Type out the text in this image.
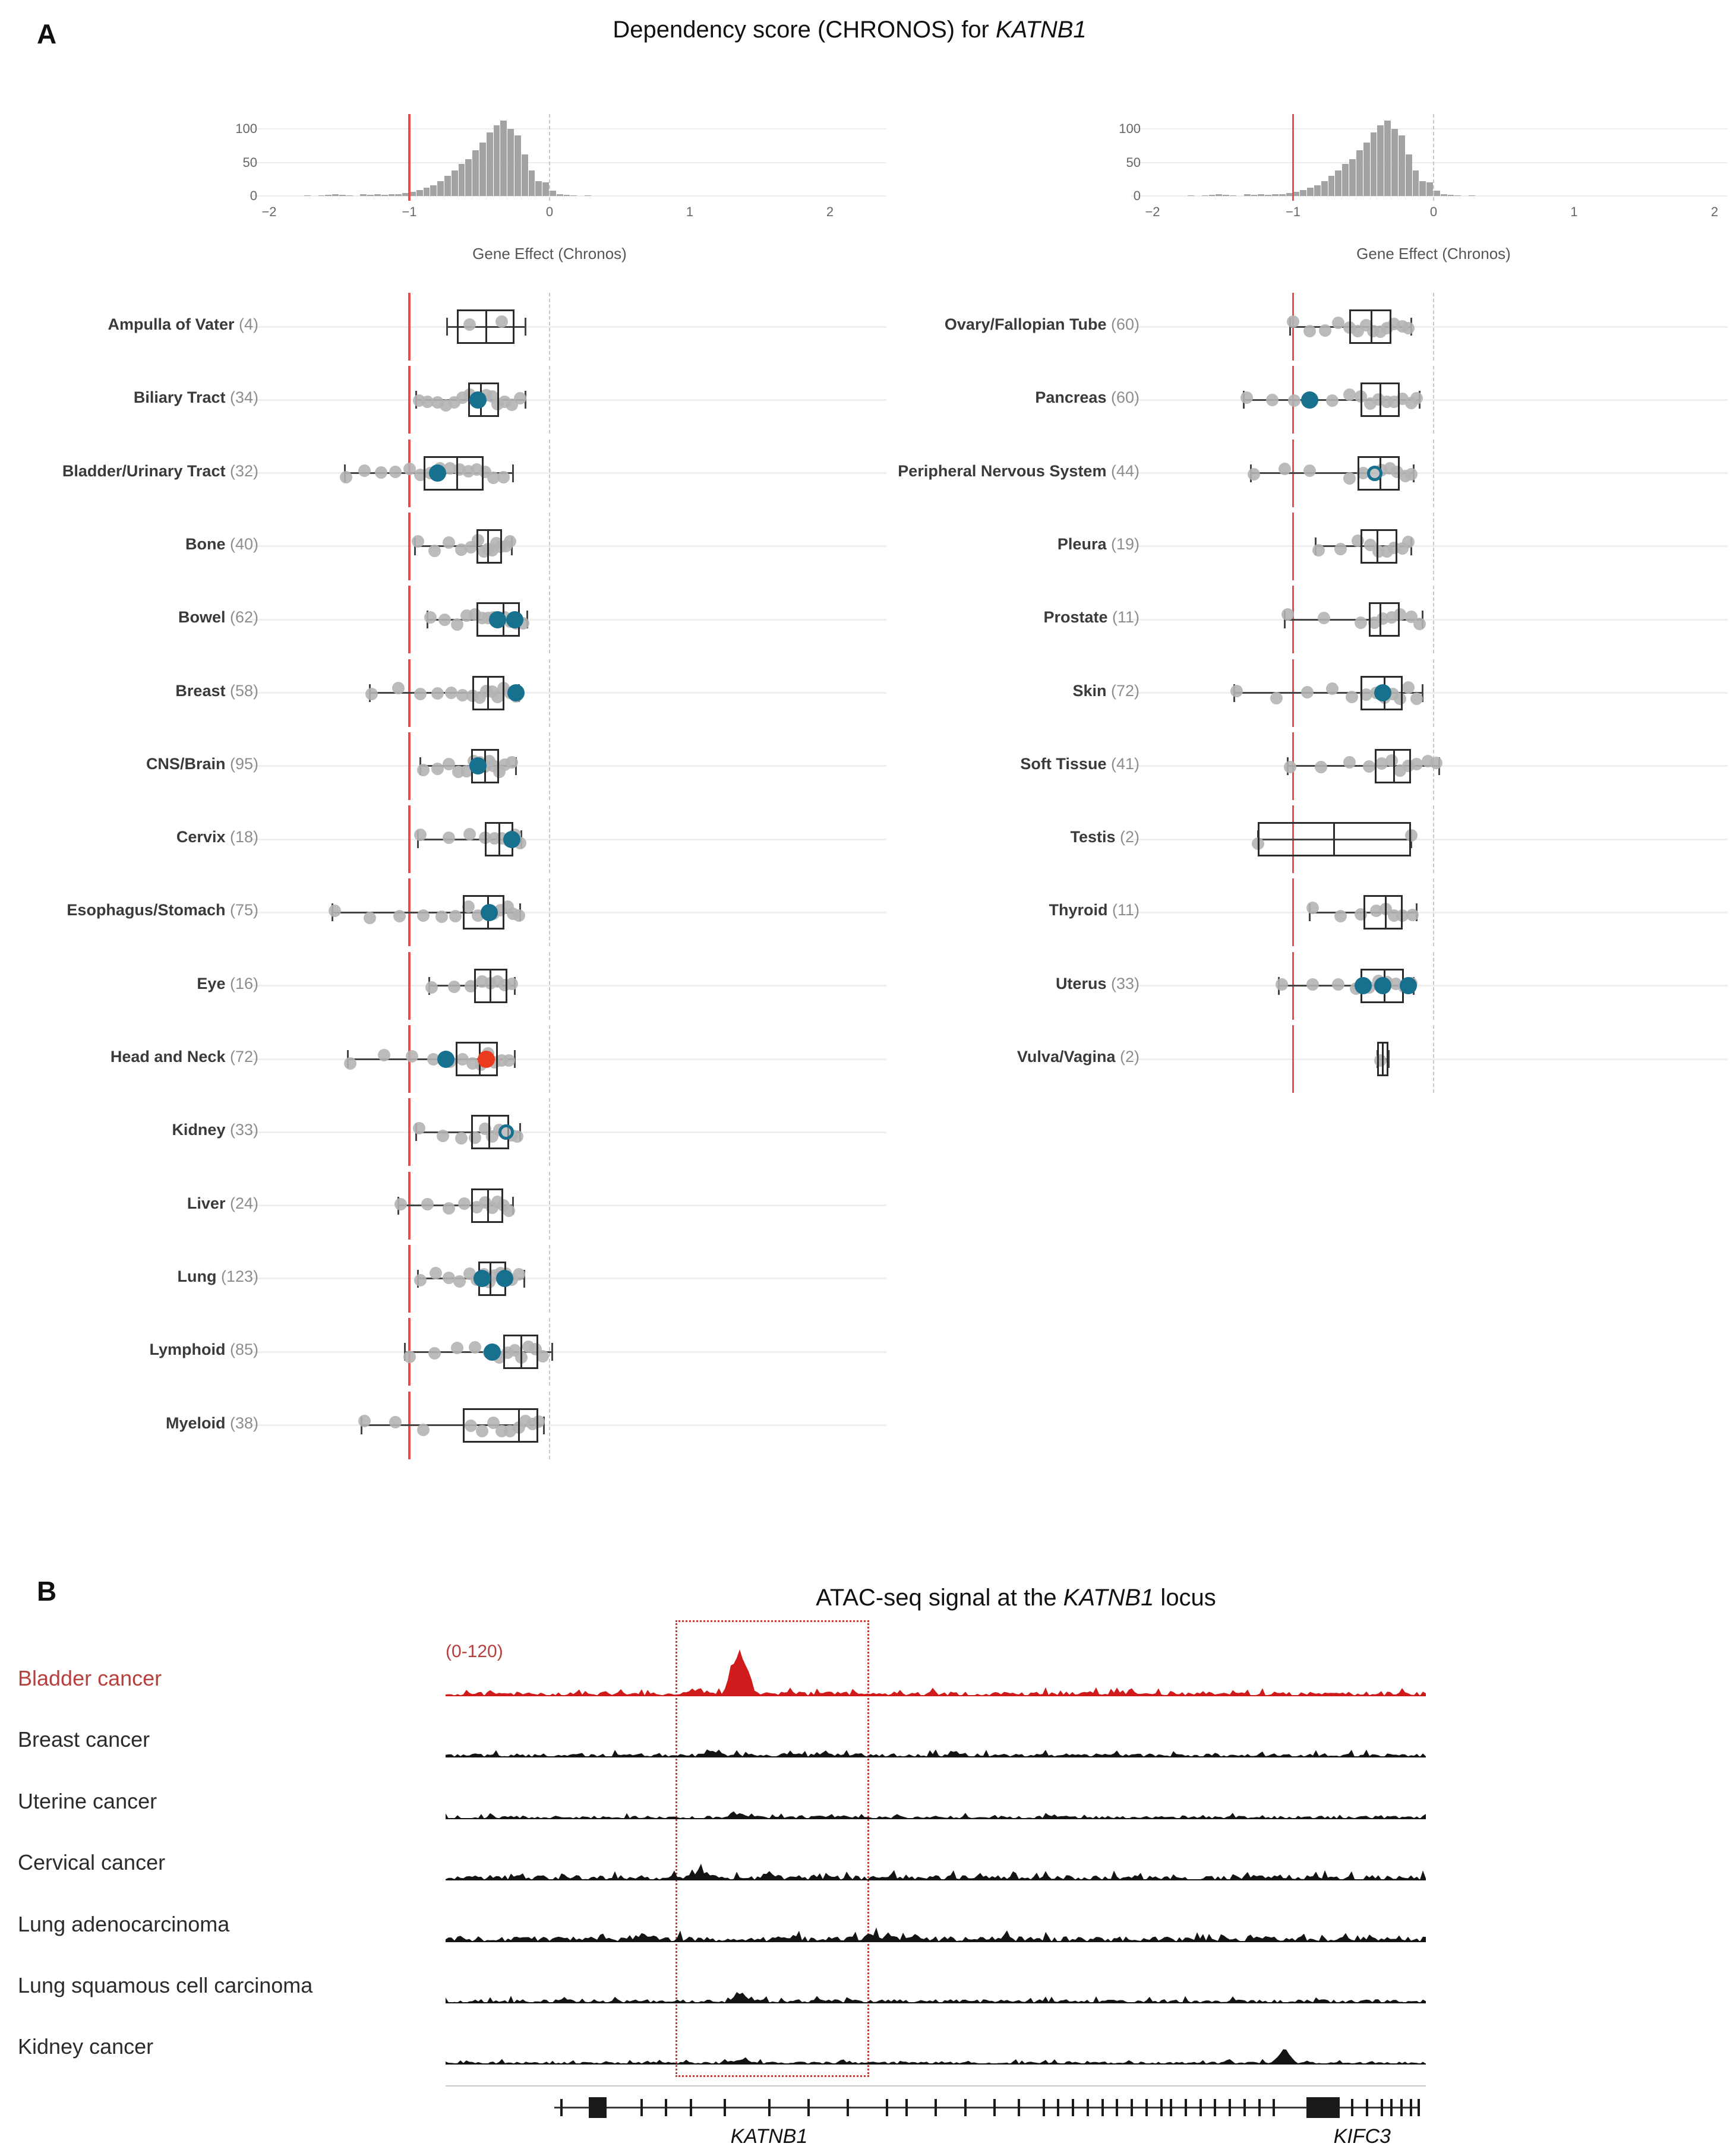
A	Dependency score (CHRONOS) for KATNB1
0
50
100
−2	−1	0	1	2
Gene Effect (Chronos)
Ampulla of Vater (4)
Biliary Tract (34)
Bladder/Urinary Tract (32)
Bone (40)
Bowel (62)
Breast (58)
CNS/Brain (95)
Cervix (18)
Esophagus/Stomach (75)
Eye (16)
Head and Neck (72)
Kidney (33)
Liver (24)
Lung (123)
Lymphoid (85)
Myeloid (38)
0
50
100
−2	−1	0	1	2
Gene Effect (Chronos)
Ovary/Fallopian Tube (60)
Pancreas (60)
Peripheral Nervous System (44)
Pleura (19)
Prostate (11)
Skin (72)
Soft Tissue (41)
Testis (2)
Thyroid (11)
Uterus (33)
Vulva/Vagina (2)
B	ATAC-seq signal at the KATNB1 locus
(0-120)
Bladder cancer
Breast cancer
Uterine cancer
Cervical cancer
Lung adenocarcinoma
Lung squamous cell carcinoma
Kidney cancer
KATNB1	KIFC3
